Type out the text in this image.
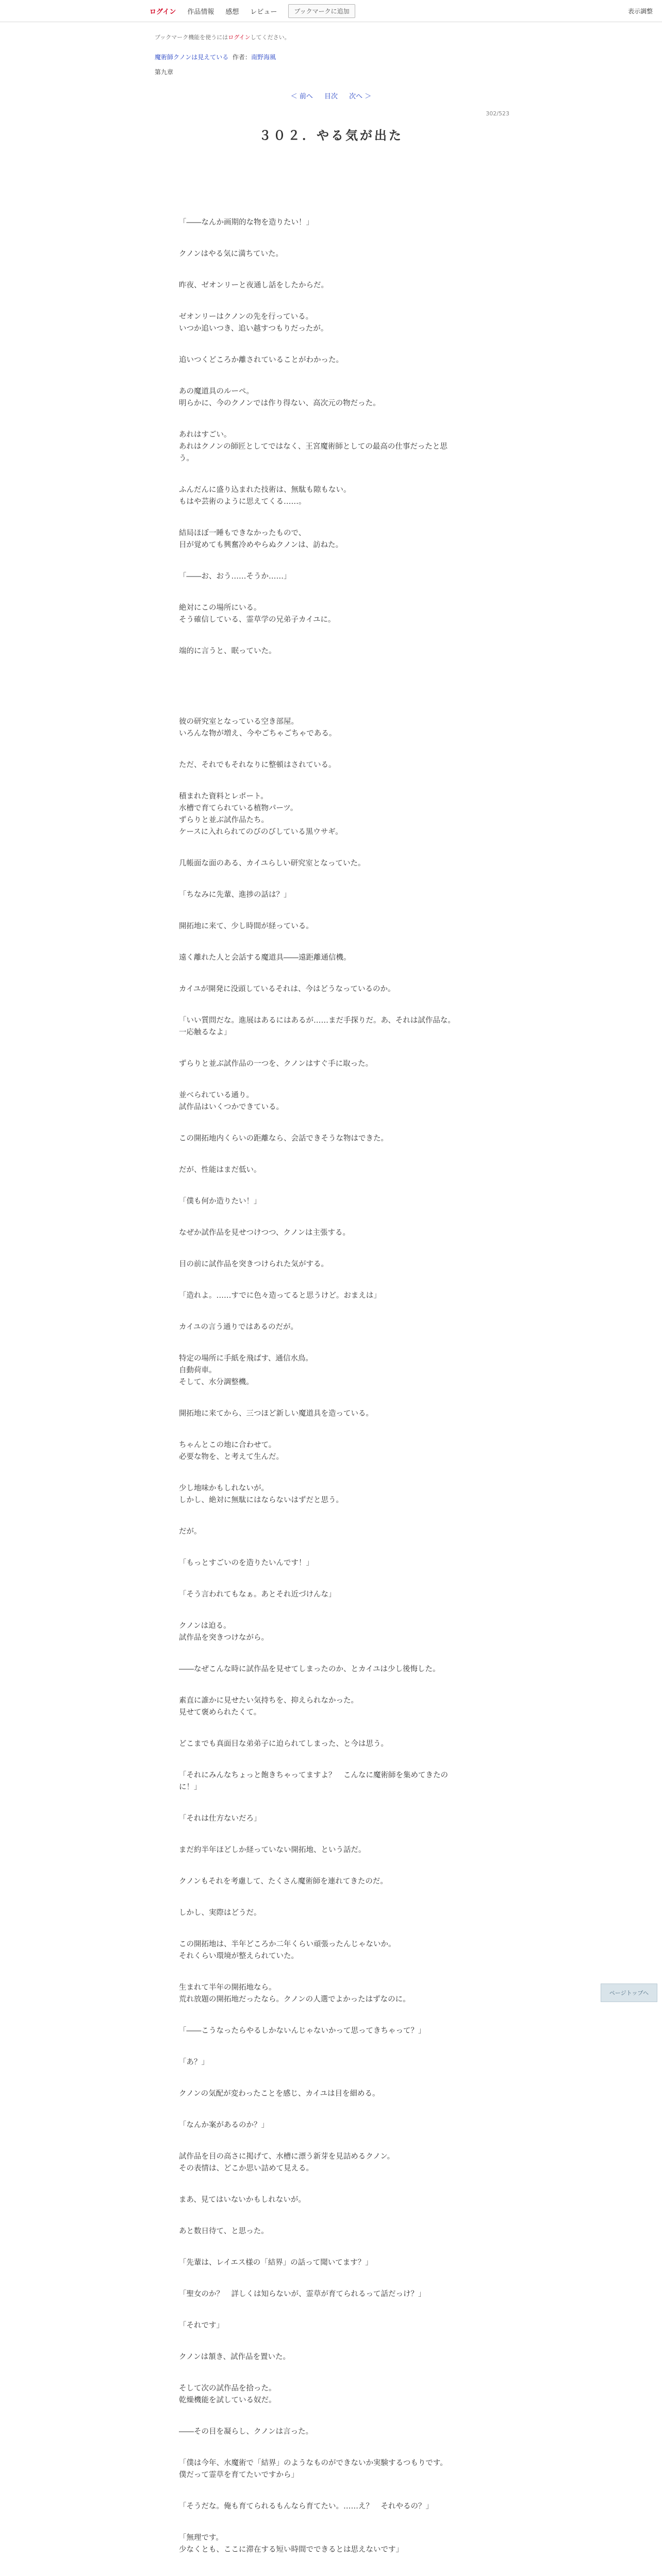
ログイン 作品情報 感想 レビュー	ブックマークに追加	表示調整
ブックマーク機能を使うにはログインしてください。
魔術師クノンは見えている 作者：南野海風
第九章
＜ 前へ 目次 次へ ＞
302/523
３０２．やる気が出た
「――なんか画期的な物を造りたい！」
クノンはやる気に満ちていた。
昨夜、ゼオンリーと夜通し話をしたからだ。
ゼオンリーはクノンの先を行っている。
いつか追いつき、追い越すつもりだったが。
追いつくどころか離されていることがわかった。
あの魔道具のルーペ。
明らかに、今のクノンでは作り得ない、高次元の物だった。
あれはすごい。
あれはクノンの師匠としてではなく、王宮魔術師としての最高の仕事だったと思
う。
ふんだんに盛り込まれた技術は、無駄も隙もない。
もはや芸術のように思えてくる……。
結局ほぼ一睡もできなかったもので、
目が覚めても興奮冷めやらぬクノンは、訪ねた。
「――お、おう……そうか……」
絶対にこの場所にいる。
そう確信している、霊草学の兄弟子カイユに。
端的に言うと、眠っていた。
彼の研究室となっている空き部屋。
いろんな物が増え、今やごちゃごちゃである。
ただ、それでもそれなりに整頓はされている。
積まれた資料とレポート。
水槽で育てられている植物パーツ。
ずらりと並ぶ試作品たち。
ケースに入れられてのびのびしている黒ウサギ。
几帳面な面のある、カイユらしい研究室となっていた。
「ちなみに先輩、進捗の話は？」
開拓地に来て、少し時間が経っている。
遠く離れた人と会話する魔道具――遠距離通信機。
カイユが開発に没頭しているそれは、今はどうなっているのか。
「いい質問だな。進展はあるにはあるが……まだ手探りだ。あ、それは試作品な。
一応触るなよ」
ずらりと並ぶ試作品の一つを、クノンはすぐ手に取った。
並べられている通り。
試作品はいくつかできている。
この開拓地内くらいの距離なら、会話できそうな物はできた。
だが、性能はまだ低い。
「僕も何か造りたい！」
なぜか試作品を見せつけつつ、クノンは主張する。
目の前に試作品を突きつけられた気がする。
「造れよ。……すでに色々造ってると思うけど。おまえは」
カイユの言う通りではあるのだが。
特定の場所に手紙を飛ばす、通信水鳥。
自動荷車。
そして、水分調整機。
開拓地に来てから、三つほど新しい魔道具を造っている。
ちゃんとこの地に合わせて。
必要な物を、と考えて生んだ。
少し地味かもしれないが。
しかし、絶対に無駄にはならないはずだと思う。
だが。
「もっとすごいのを造りたいんです！」
「そう言われてもなぁ。あとそれ近づけんな」
クノンは迫る。
試作品を突きつけながら。
――なぜこんな時に試作品を見せてしまったのか、とカイユは少し後悔した。
素直に誰かに見せたい気持ちを、抑えられなかった。
見せて褒められたくて。
どこまでも真面目な弟弟子に迫られてしまった、と今は思う。
「それにみんなちょっと飽きちゃってますよ？　こんなに魔術師を集めてきたの
に！」
「それは仕方ないだろ」
まだ約半年ほどしか経っていない開拓地、という話だ。
クノンもそれを考慮して、たくさん魔術師を連れてきたのだ。
しかし、実際はどうだ。
この開拓地は、半年どころか二年くらい頑張ったんじゃないか。
それくらい環境が整えられていた。
生まれて半年の開拓地なら。
荒れ放題の開拓地だったなら。クノンの人選でよかったはずなのに。
「――こうなったらやるしかないんじゃないかって思ってきちゃって？」
「あ？」
クノンの気配が変わったことを感じ、カイユは目を細める。
「なんか案があるのか？」
試作品を目の高さに掲げて、水槽に漂う新芽を見詰めるクノン。
その表情は、どこか思い詰めて見える。
まあ、見てはいないかもしれないが。
あと数日待て、と思った。
「先輩は、レイエス様の「結界」の話って聞いてます？」
「聖女のか？　詳しくは知らないが、霊草が育てられるって話だっけ？」
「それです」
クノンは頷き、試作品を置いた。
そして次の試作品を拾った。
乾燥機能を試している奴だ。
――その目を凝らし、クノンは言った。
「僕は今年、水魔術で「結界」のようなものができないか実験するつもりです。
僕だって霊草を育てたいですから」
「そうだな。俺も育てられるもんなら育てたい。……え？　それやるの？」
「無理です。
少なくとも、ここに滞在する短い時間でできるとは思えないです」
ページトップへ
